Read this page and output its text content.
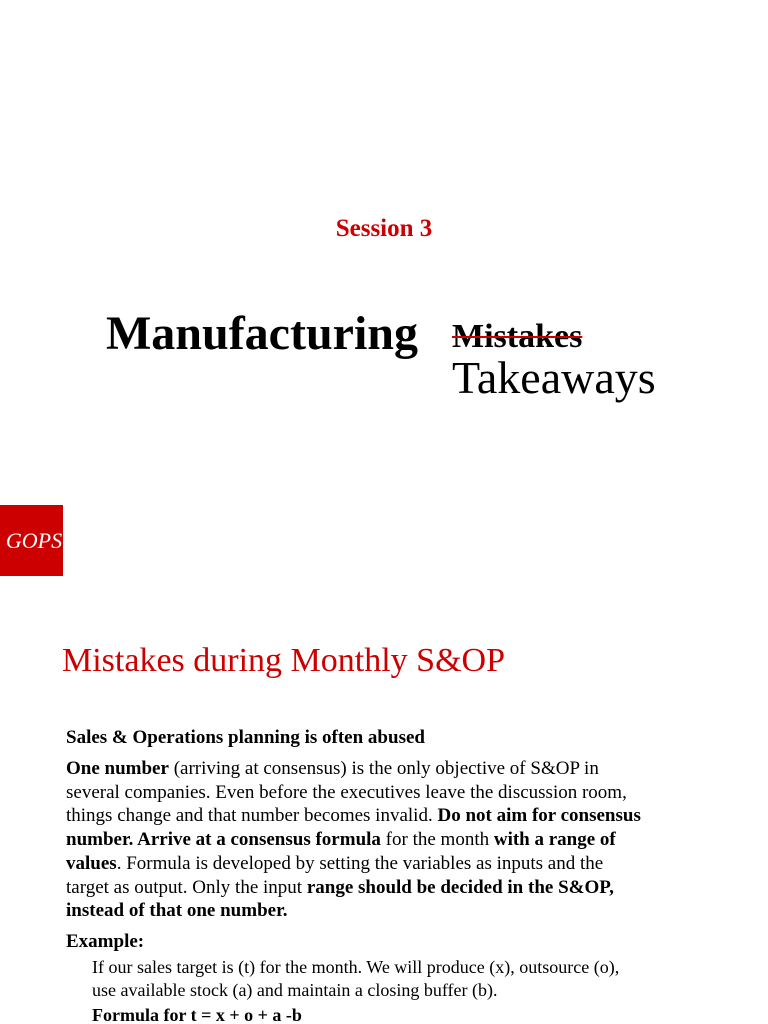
Session 3
Manufacturing Mistakes
Takeaways
GOPS
Mistakes during Monthly S&OP
Sales & Operations planning is often abused
One number (arriving at consensus) is the only objective of S&OP in
several companies. Even before the executives leave the discussion room,
things change and that number becomes invalid. Do not aim for consensus
number. Arrive at a consensus formula for the month with a range of
values. Formula is developed by setting the variables as inputs and the
target as output. Only the input range should be decided in the S&OP,
instead of that one number.
Example:
If our sales target is (t) for the month. We will produce (x), outsource (o),
use available stock (a) and maintain a closing buffer (b).
Formula for t = x + o + a -b
